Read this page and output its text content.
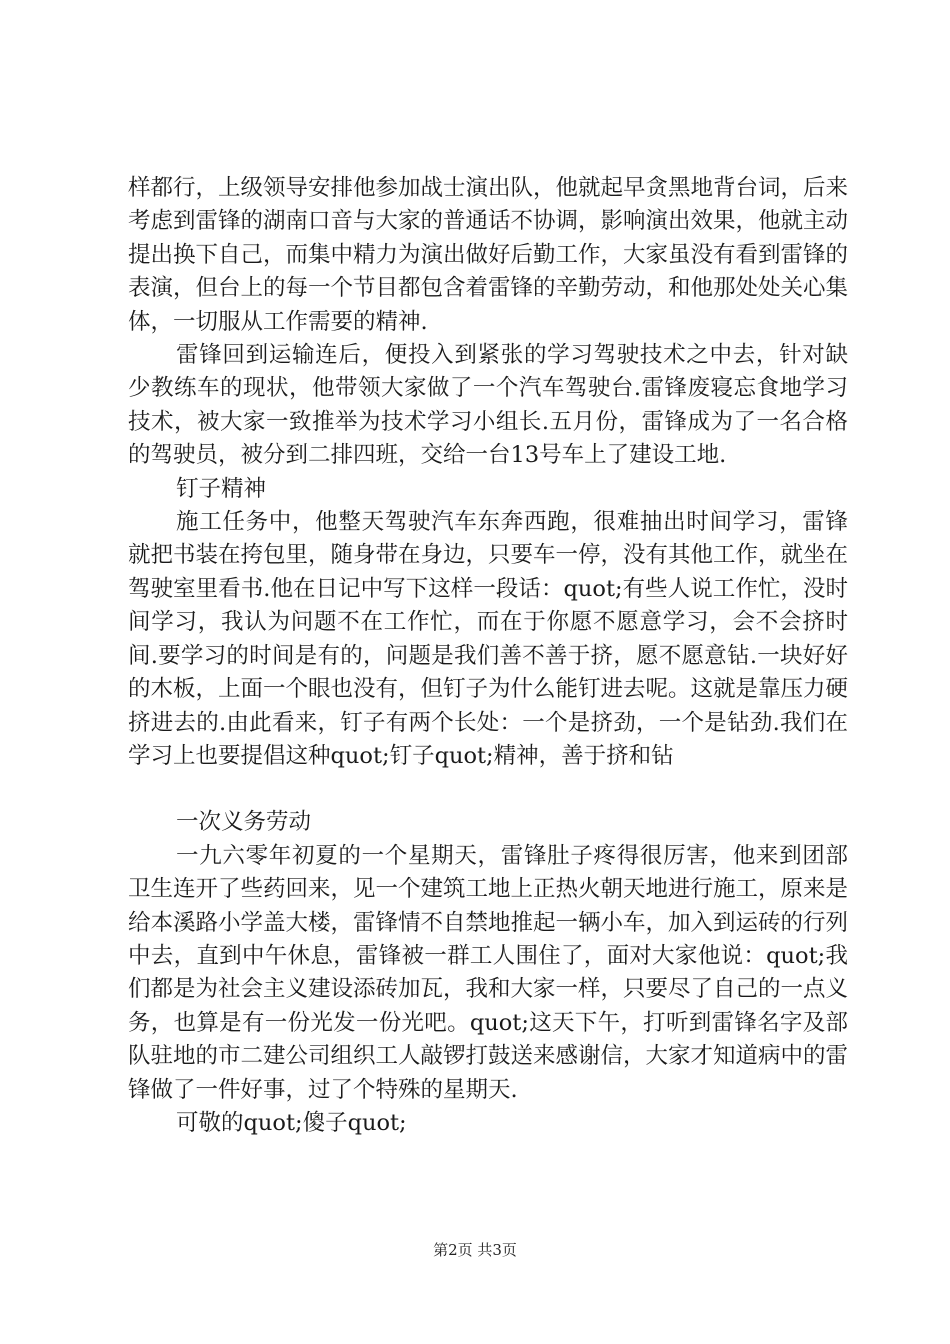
样都行，上级领导安排他参加战士演出队，他就起早贪黑地背台词，后来考虑到雷锋的湖南口音与大家的普通话不协调，影响演出效果，他就主动提出换下自己，而集中精力为演出做好后勤工作，大家虽没有看到雷锋的表演，但台上的每一个节目都包含着雷锋的辛勤劳动，和他那处处关心集体，一切服从工作需要的精神.

雷锋回到运输连后，便投入到紧张的学习驾驶技术之中去，针对缺少教练车的现状，他带领大家做了一个汽车驾驶台.雷锋废寝忘食地学习技术，被大家一致推举为技术学习小组长.五月份，雷锋成为了一名合格的驾驶员，被分到二排四班，交给一台13号车上了建设工地.

钉子精神

施工任务中，他整天驾驶汽车东奔西跑，很难抽出时间学习，雷锋就把书装在挎包里，随身带在身边，只要车一停，没有其他工作，就坐在驾驶室里看书.他在日记中写下这样一段话：quot;有些人说工作忙，没时间学习，我认为问题不在工作忙，而在于你愿不愿意学习，会不会挤时间.要学习的时间是有的，问题是我们善不善于挤，愿不愿意钻.一块好好的木板，上面一个眼也没有，但钉子为什么能钉进去呢。这就是靠压力硬挤进去的.由此看来，钉子有两个长处：一个是挤劲，一个是钻劲.我们在学习上也要提倡这种quot;钉子quot;精神，善于挤和钻

一次义务劳动

一九六零年初夏的一个星期天，雷锋肚子疼得很厉害，他来到团部卫生连开了些药回来，见一个建筑工地上正热火朝天地进行施工，原来是给本溪路小学盖大楼，雷锋情不自禁地推起一辆小车，加入到运砖的行列中去，直到中午休息，雷锋被一群工人围住了，面对大家他说：quot;我们都是为社会主义建设添砖加瓦，我和大家一样，只要尽了自己的一点义务，也算是有一份光发一份光吧。quot;这天下午，打听到雷锋名字及部队驻地的市二建公司组织工人敲锣打鼓送来感谢信，大家才知道病中的雷锋做了一件好事，过了个特殊的星期天.

可敬的quot;傻子quot;

第2页 共3页
